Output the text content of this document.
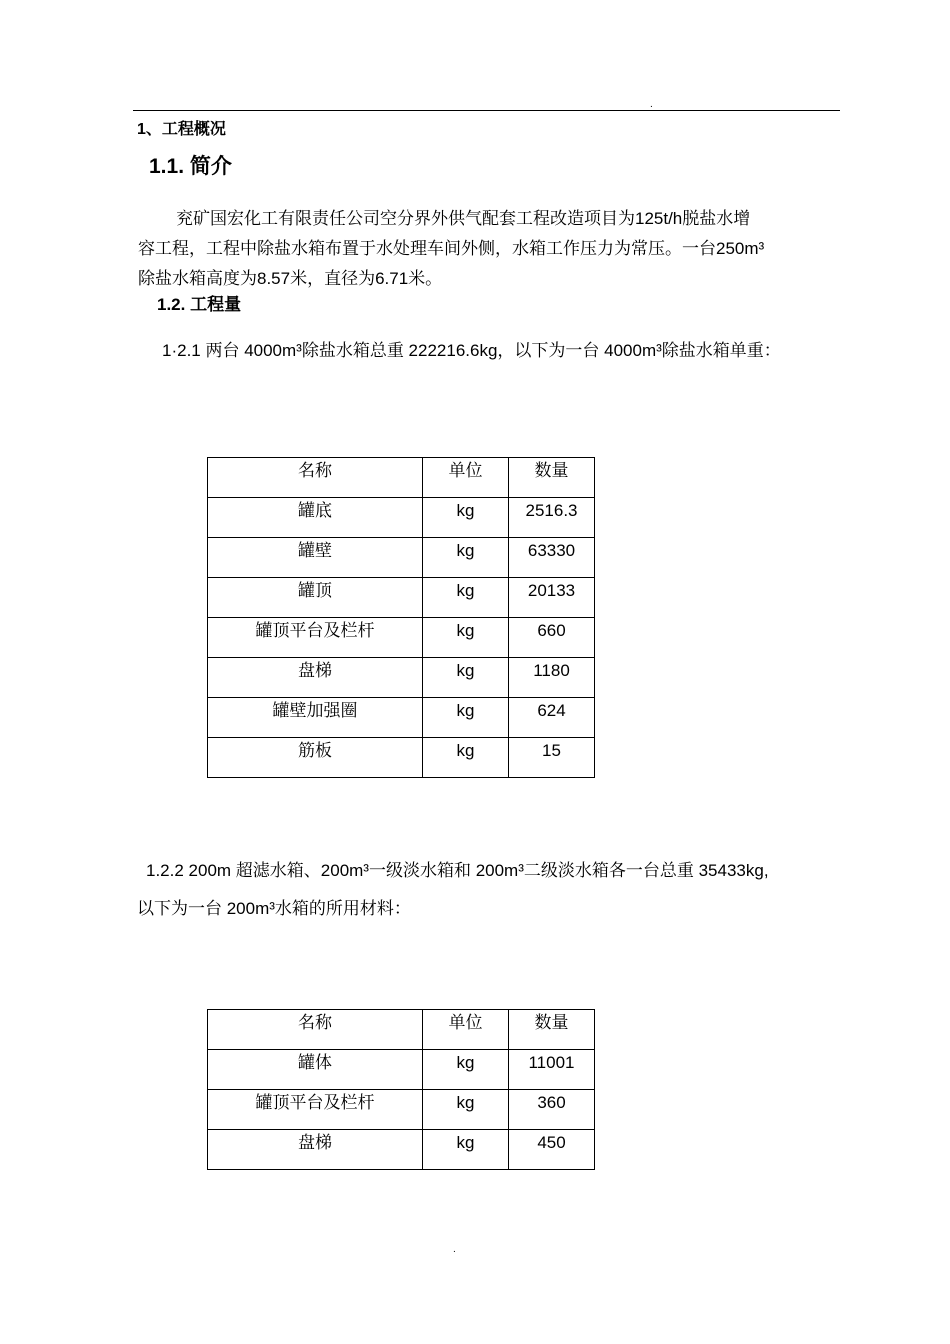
.
1、工程概况
1.1. 简介
兖矿国宏化工有限责任公司空分界外供气配套工程改造项目为125t/h脱盐水增
容工程，工程中除盐水箱布置于水处理车间外侧，水箱工作压力为常压。一台250m³
除盐水箱高度为8.57米，直径为6.71米。
1.2. 工程量
1·2.1 两台 4000m³除盐水箱总重 222216.6kg，以下为一台 4000m³除盐水箱单重：
名称	单位	数量
罐底	kg	2516.3
罐壁	kg	63330
罐顶	kg	20133
罐顶平台及栏杆	kg	660
盘梯	kg	1180
罐壁加强圈	kg	624
筋板	kg	15
1.2.2 200m 超滤水箱、200m³一级淡水箱和 200m³二级淡水箱各一台总重 35433kg,
以下为一台 200m³水箱的所用材料：
名称	单位	数量
罐体	kg	11001
罐顶平台及栏杆	kg	360
盘梯	kg	450
.
